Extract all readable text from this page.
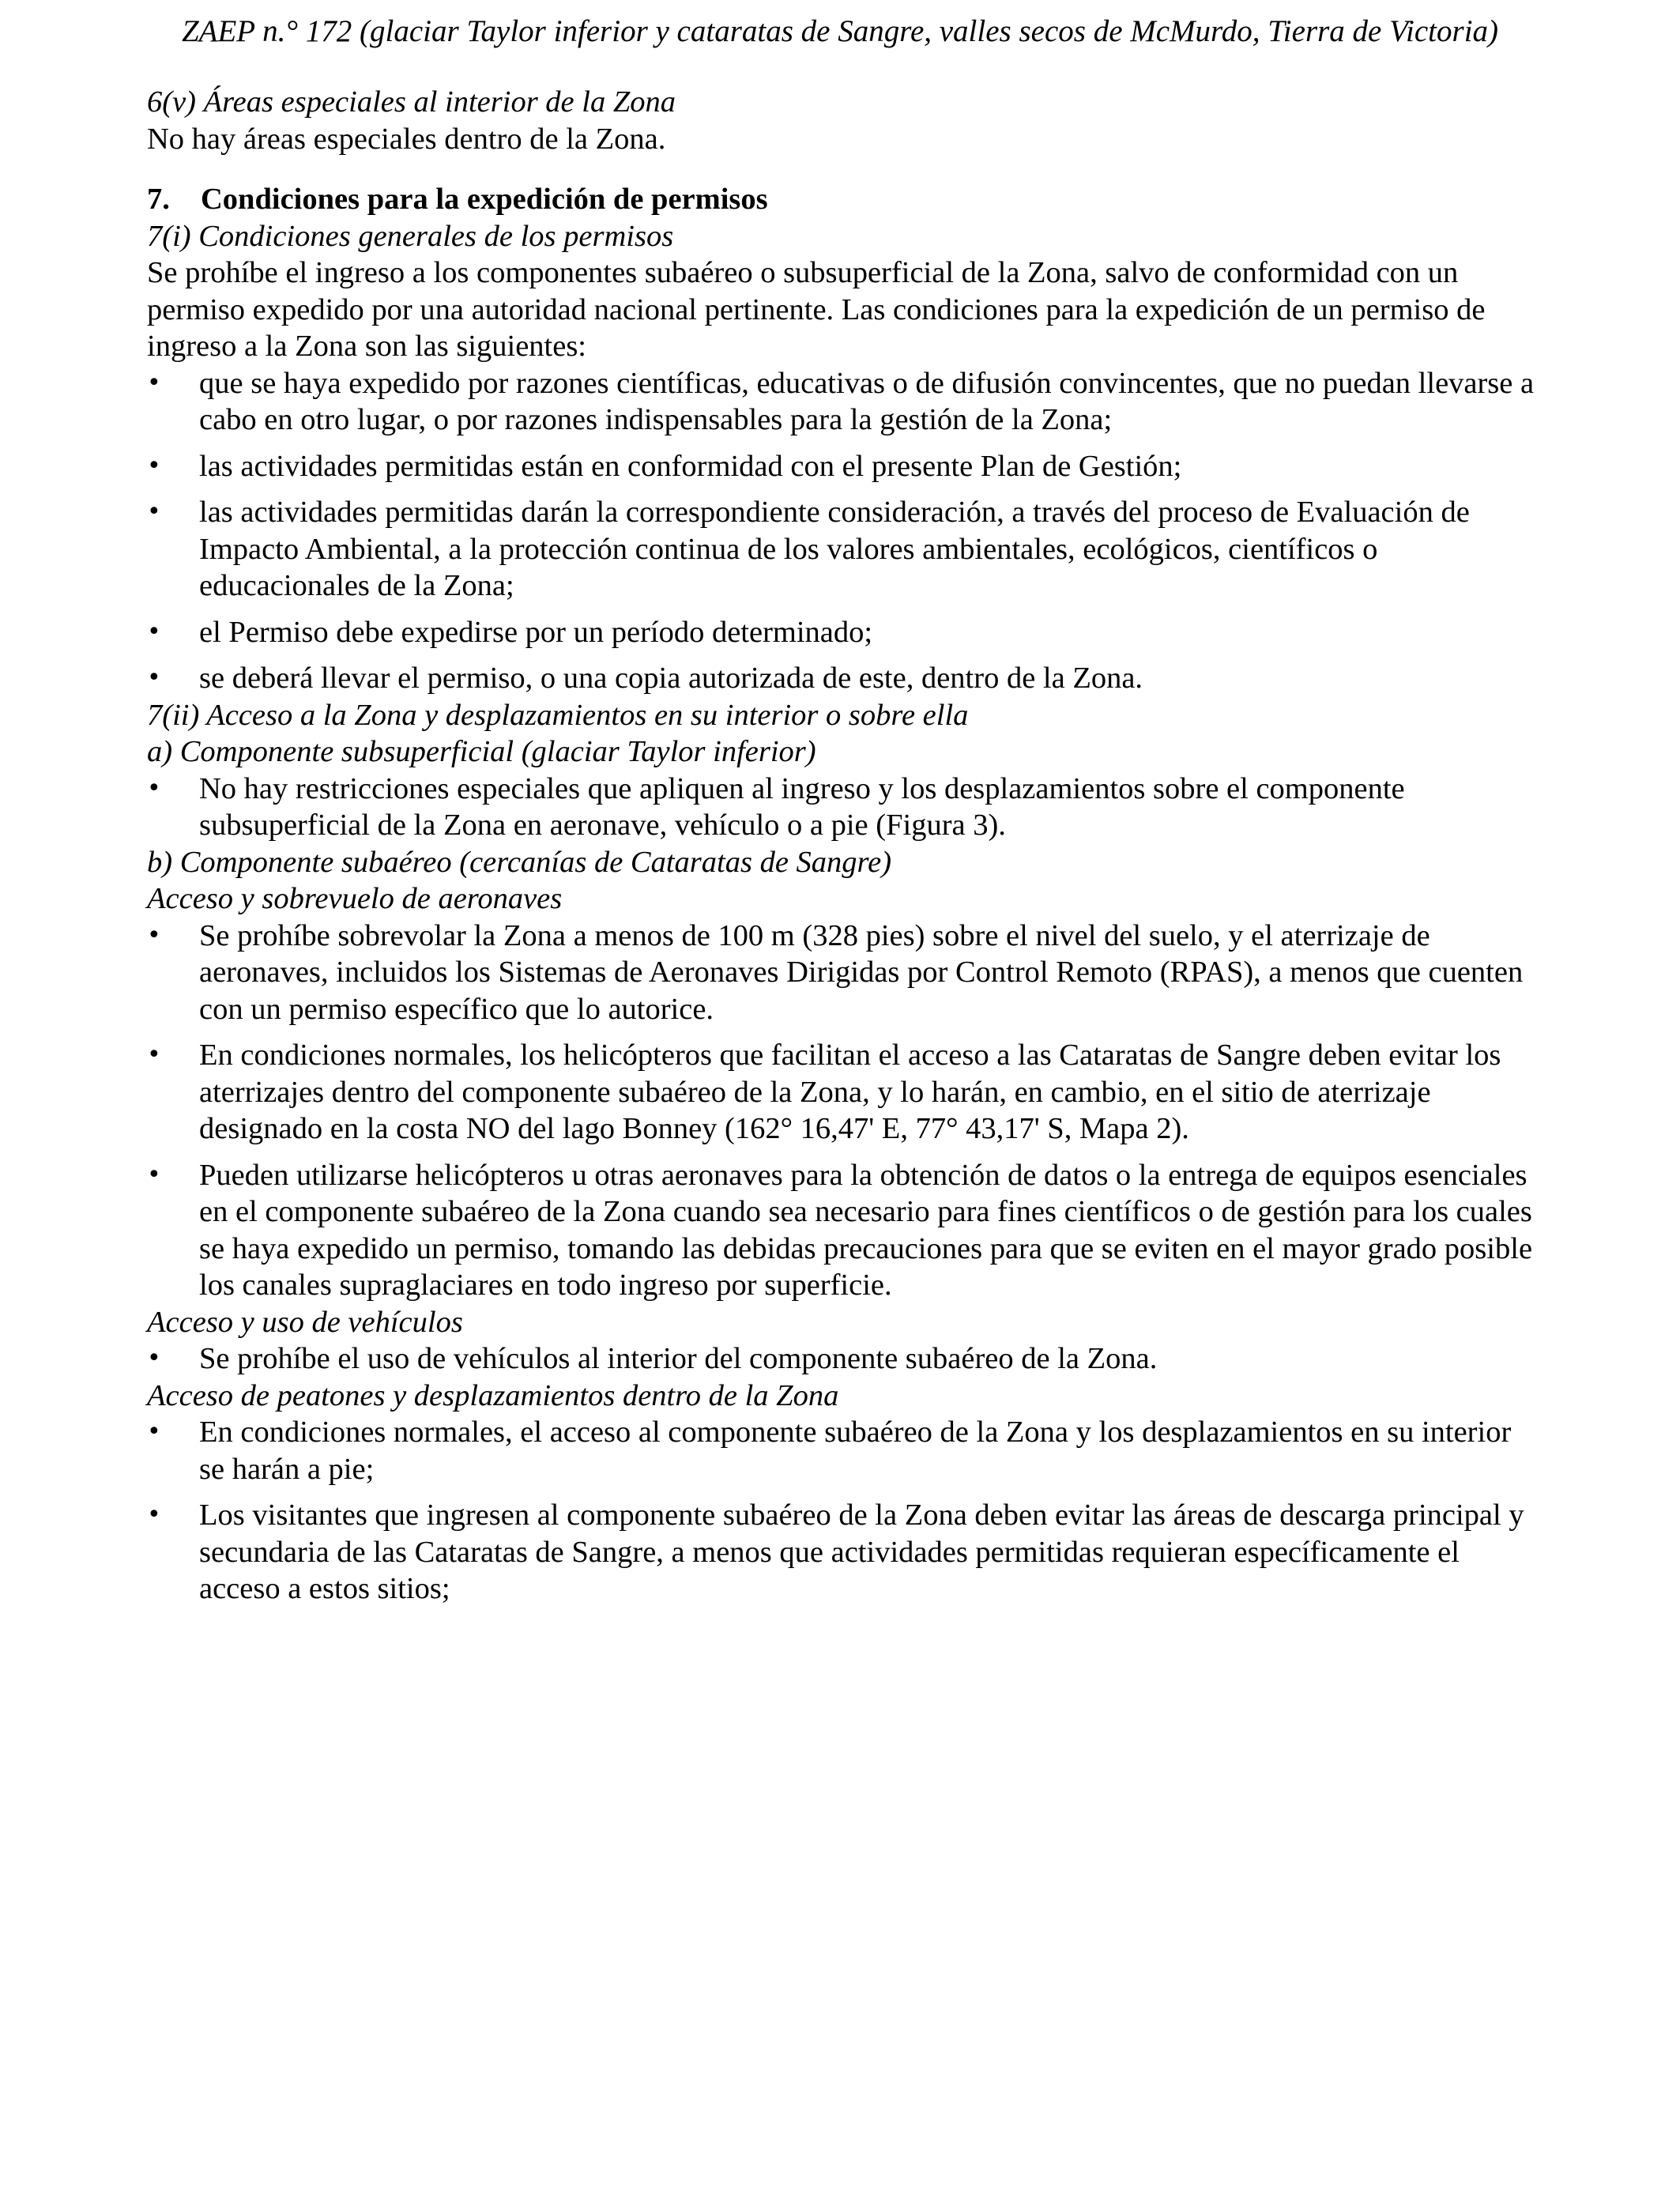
ZAEP n.° 172 (glaciar Taylor inferior y cataratas de Sangre, valles secos de McMurdo, Tierra de Victoria)

6(v) Áreas especiales al interior de la Zona

No hay áreas especiales dentro de la Zona.

7.	Condiciones para la expedición de permisos

7(i) Condiciones generales de los permisos

Se prohíbe el ingreso a los componentes subaéreo o subsuperficial de la Zona, salvo de conformidad con un permiso expedido por una autoridad nacional pertinente. Las condiciones para la expedición de un permiso de ingreso a la Zona son las siguientes:

• que se haya expedido por razones científicas, educativas o de difusión convincentes, que no puedan llevarse a cabo en otro lugar, o por razones indispensables para la gestión de la Zona;
• las actividades permitidas están en conformidad con el presente Plan de Gestión;
• las actividades permitidas darán la correspondiente consideración, a través del proceso de Evaluación de Impacto Ambiental, a la protección continua de los valores ambientales, ecológicos, científicos o educacionales de la Zona;
• el Permiso debe expedirse por un período determinado;
• se deberá llevar el permiso, o una copia autorizada de este, dentro de la Zona.

7(ii) Acceso a la Zona y desplazamientos en su interior o sobre ella

a) Componente subsuperficial (glaciar Taylor inferior)

• No hay restricciones especiales que apliquen al ingreso y los desplazamientos sobre el componente subsuperficial de la Zona en aeronave, vehículo o a pie (Figura 3).

b) Componente subaéreo (cercanías de Cataratas de Sangre)

Acceso y sobrevuelo de aeronaves

• Se prohíbe sobrevolar la Zona a menos de 100 m (328 pies) sobre el nivel del suelo, y el aterrizaje de aeronaves, incluidos los Sistemas de Aeronaves Dirigidas por Control Remoto (RPAS), a menos que cuenten con un permiso específico que lo autorice.
• En condiciones normales, los helicópteros que facilitan el acceso a las Cataratas de Sangre deben evitar los aterrizajes dentro del componente subaéreo de la Zona, y lo harán, en cambio, en el sitio de aterrizaje designado en la costa NO del lago Bonney (162° 16,47' E, 77° 43,17' S, Mapa 2).
• Pueden utilizarse helicópteros u otras aeronaves para la obtención de datos o la entrega de equipos esenciales en el componente subaéreo de la Zona cuando sea necesario para fines científicos o de gestión para los cuales se haya expedido un permiso, tomando las debidas precauciones para que se eviten en el mayor grado posible los canales supraglaciares en todo ingreso por superficie.

Acceso y uso de vehículos

• Se prohíbe el uso de vehículos al interior del componente subaéreo de la Zona.

Acceso de peatones y desplazamientos dentro de la Zona

• En condiciones normales, el acceso al componente subaéreo de la Zona y los desplazamientos en su interior se harán a pie;
• Los visitantes que ingresen al componente subaéreo de la Zona deben evitar las áreas de descarga principal y secundaria de las Cataratas de Sangre, a menos que actividades permitidas requieran específicamente el acceso a estos sitios;
